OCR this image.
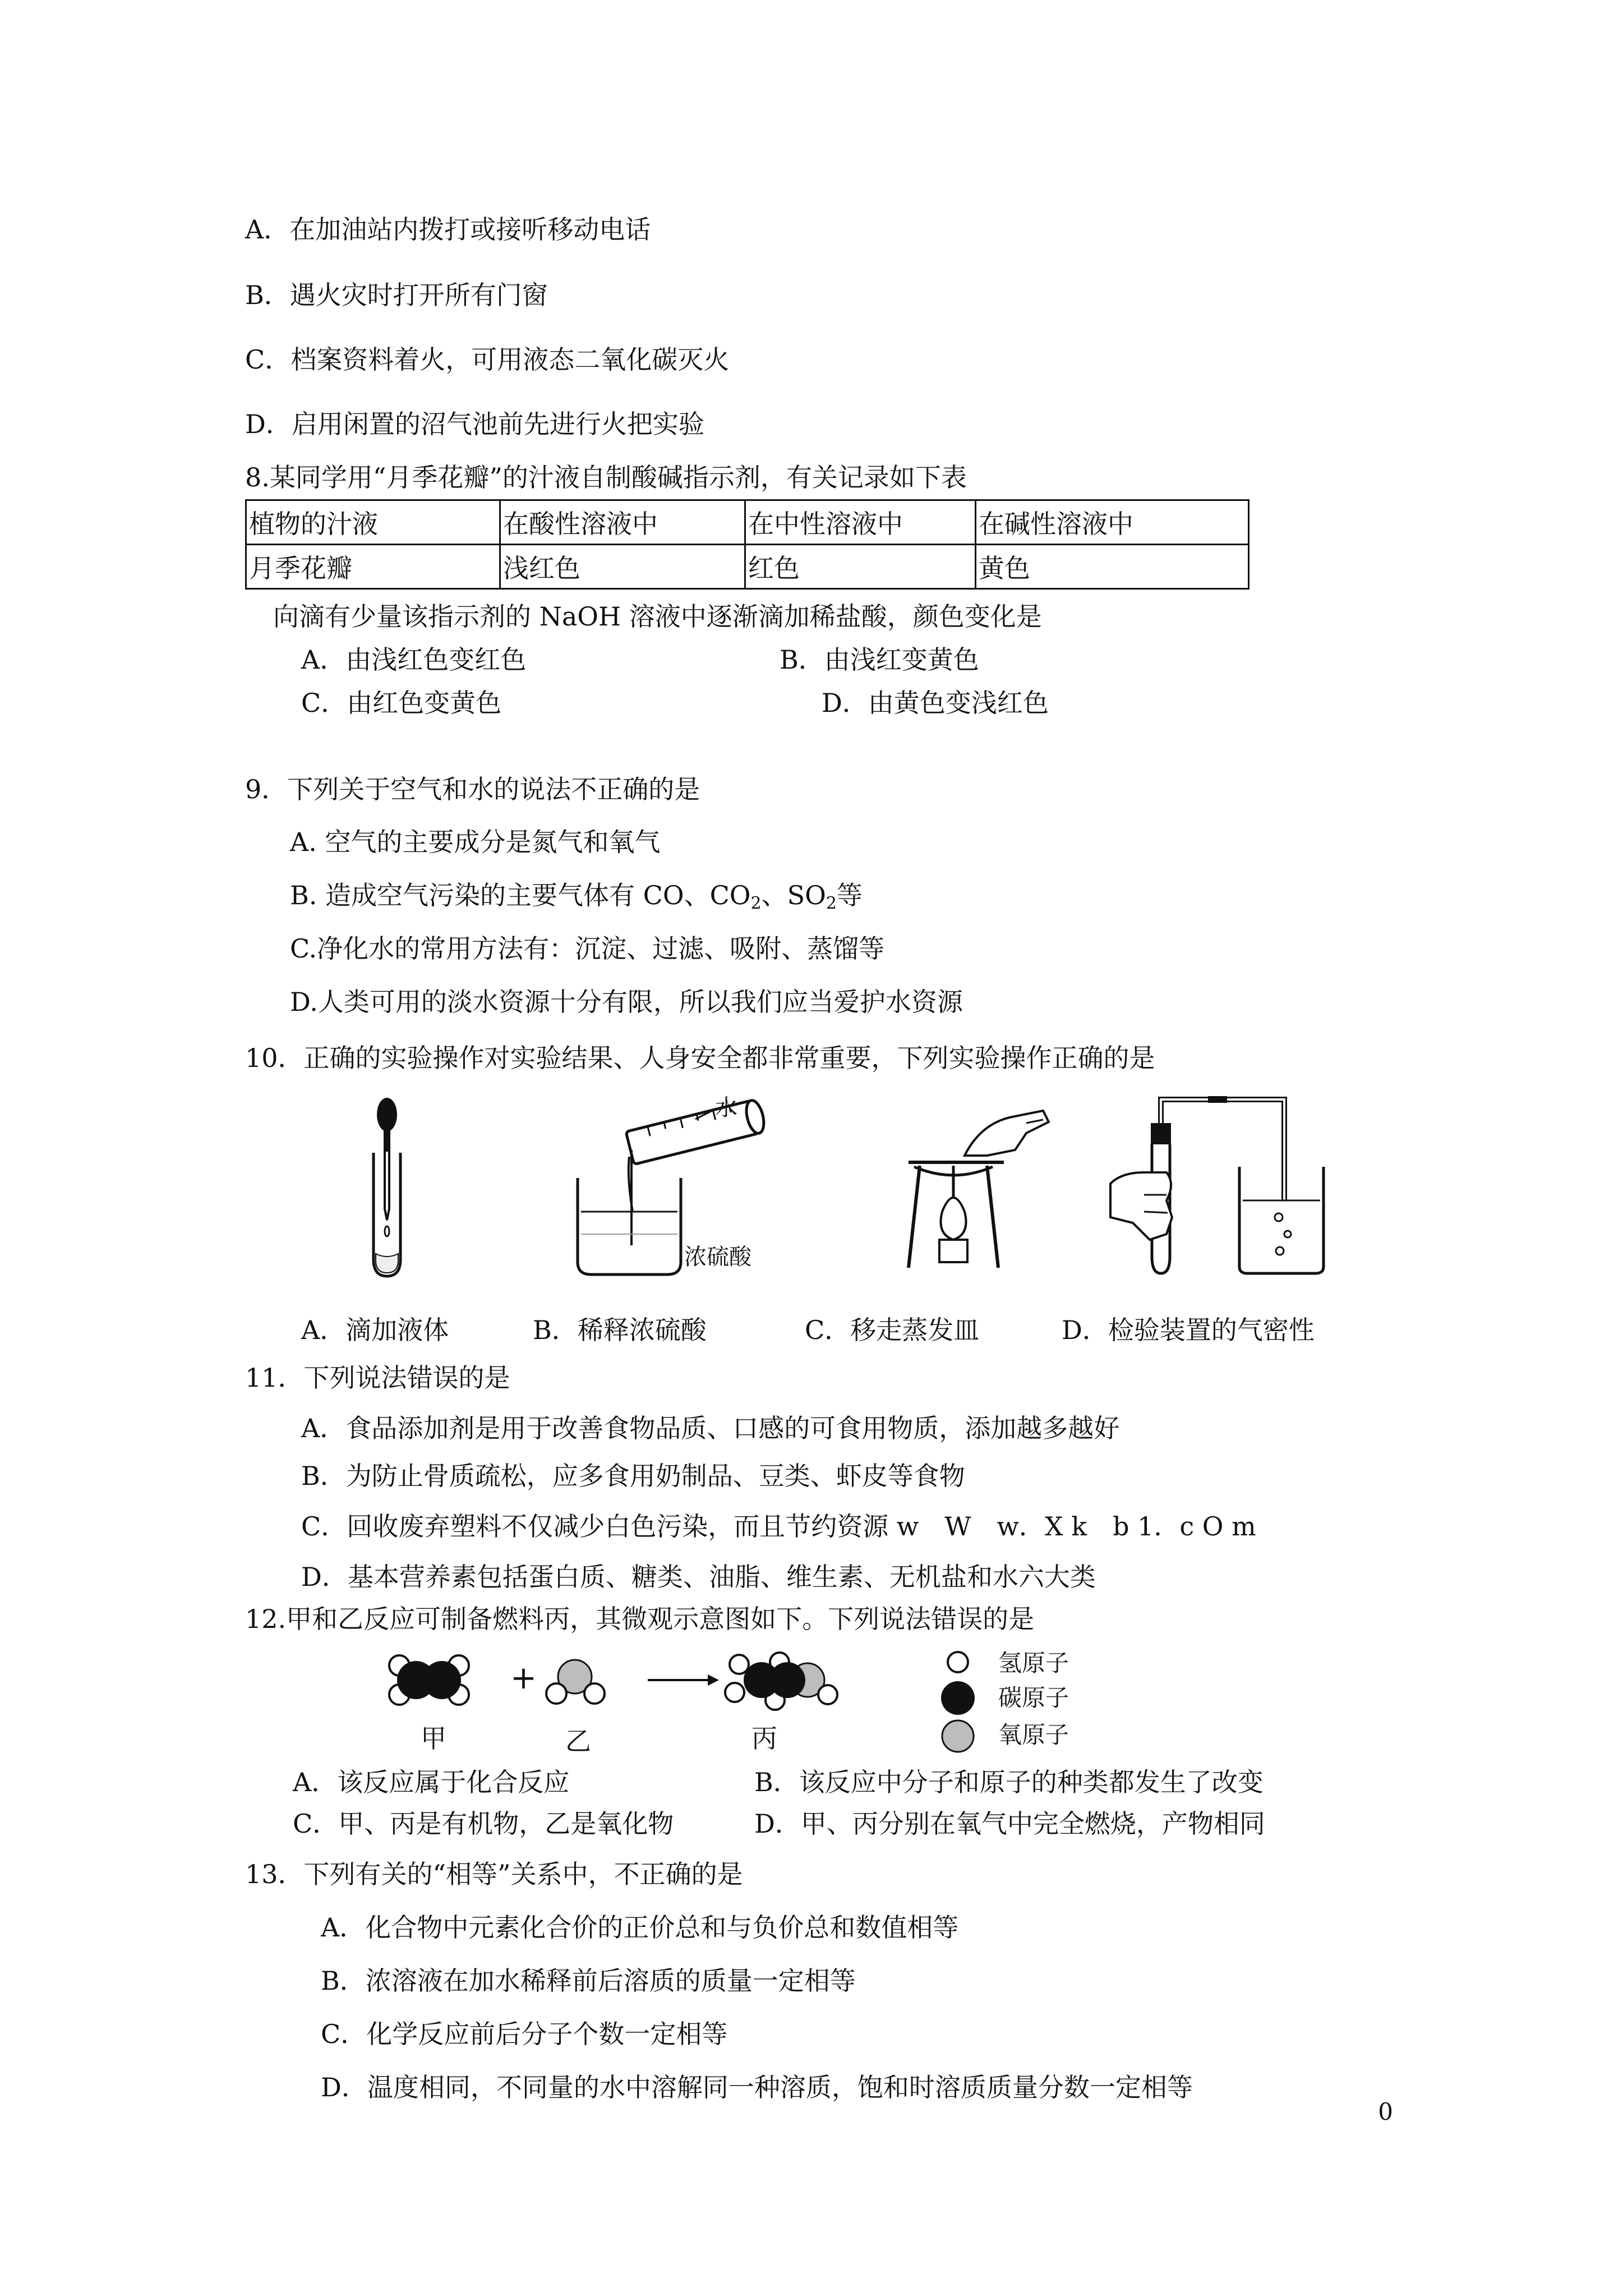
A．在加油站内拨打或接听移动电话
B．遇火灾时打开所有门窗
C．档案资料着火，可用液态二氧化碳灭火
D．启用闲置的沼气池前先进行火把实验
8.某同学用“月季花瓣”的汁液自制酸碱指示剂，有关记录如下表
植物的汁液	在酸性溶液中	在中性溶液中	在碱性溶液中
月季花瓣	浅红色	红色	黄色
向滴有少量该指示剂的 NaOH 溶液中逐渐滴加稀盐酸，颜色变化是
A．由浅红色变红色	B．由浅红变黄色
C．由红色变黄色	D．由黄色变浅红色
9．下列关于空气和水的说法不正确的是
A. 空气的主要成分是氮气和氧气
B. 造成空气污染的主要气体有 CO、$CO_2$、$SO_2$等
C.净化水的常用方法有：沉淀、过滤、吸附、蒸馏等
D.人类可用的淡水资源十分有限，所以我们应当爱护水资源
10．正确的实验操作对实验结果、人身安全都非常重要，下列实验操作正确的是
水
浓硫酸
A．滴加液体	B．稀释浓硫酸	C．移走蒸发皿	D．检验装置的气密性
11．下列说法错误的是
A．食品添加剂是用于改善食物品质、口感的可食用物质，添加越多越好
B．为防止骨质疏松，应多食用奶制品、豆类、虾皮等食物
C．回收废弃塑料不仅减少白色污染，而且节约资源 w　W　w．X k　b 1．c O m
D．基本营养素包括蛋白质、糖类、油脂、维生素、无机盐和水六大类
12.甲和乙反应可制备燃料丙，其微观示意图如下。下列说法错误的是
+	氢原子
碳原子
氧原子
甲	乙	丙
A．该反应属于化合反应	B．该反应中分子和原子的种类都发生了改变
C．甲、丙是有机物，乙是氧化物	D．甲、丙分别在氧气中完全燃烧，产物相同
13．下列有关的“相等”关系中，不正确的是
A．化合物中元素化合价的正价总和与负价总和数值相等
B．浓溶液在加水稀释前后溶质的质量一定相等
C．化学反应前后分子个数一定相等
D．温度相同，不同量的水中溶解同一种溶质，饱和时溶质质量分数一定相等
0
